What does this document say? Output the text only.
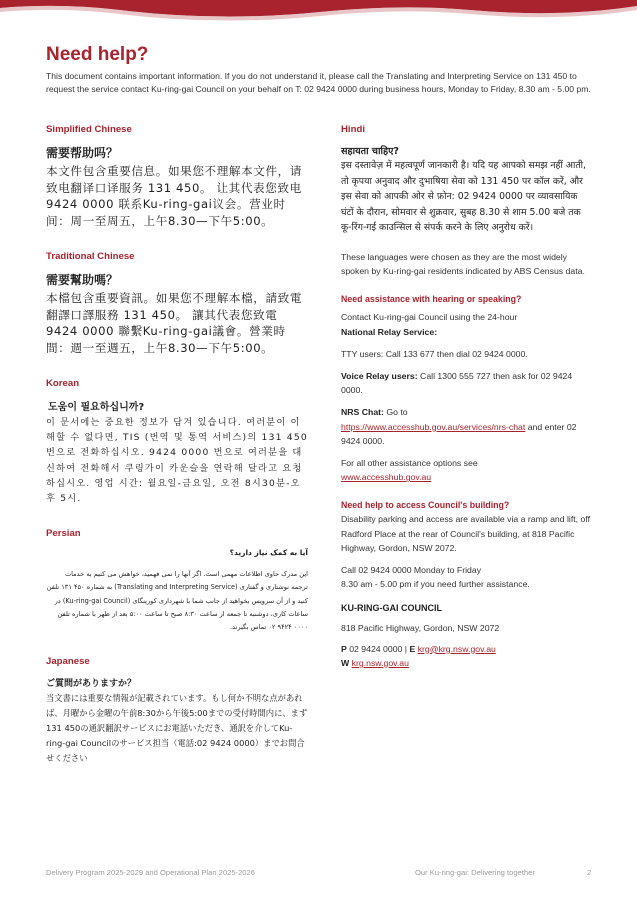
Need help?

This document contains important information. If you do not understand it, please call the Translating and Interpreting Service on 131 450 to request the service contact Ku-ring-gai Council on your behalf on T: 02 9424 0000 during business hours, Monday to Friday, 8.30 am - 5.00 pm.

Simplified Chinese
需要帮助吗？
本文件包含重要信息。如果您不理解本文件，请致电翻译口译服务 131 450。 让其代表您致电 9424 0000 联系Ku-ring-gai议会。营业时间：周一至周五，上午8.30—下午5:00。
Traditional Chinese
需要幫助嗎？
本檔包含重要資訊。如果您不理解本檔，請致電翻譯口譯服務 131 450。 讓其代表您致電 9424 0000 聯繫Ku-ring-gai議會。營業時間：週一至週五，上午8.30—下午5:00。
Korean
도움이 필요하십니까?
이 문서에는 중요한 정보가 담겨 있습니다. 여러분이 이해할 수 없다면, TIS (번역 및 통역 서비스)의 131 450번으로 전화하십시오. 9424 0000 번으로 여러분을 대신하여 전화해서 쿠링가이 카운슬을 연락해 달라고 요청하십시오. 영업 시간: 월요일-금요일, 오전 8시30분-오후 5시.
Persian
آیا به کمک نیاز دارید؟
این مدرک حاوی اطلاعات مهمی است. اگر آنها را نمی فهمید، خواهش می کنیم به خدمات ترجمه نوشتاری و گفتاری (Translating and Interpreting Service) به شماره ۴۵۰ ۱۳۱ تلفن کنید و از آن سرویس بخواهید از جانب شما با شهرداری کورینگای (Ku-ring-gai Council) در ساعات کاری، دوشنبه تا جمعه از ساعت ۸:۳۰ صبح تا ساعت ۵:۰۰ بعد از ظهر با شماره تلفن ۰۰۰۰ ۹۴۲۴ ۰۲ تماس بگیرند.
Japanese
ご質問がありますか？
当文書には重要な情報が記載されています。もし何か不明な点があれば、月曜から金曜の午前8:30から午後5:00までの受付時間内に、まず131 450の通訳翻訳サービスにお電話いただき、通訳を介してKu-ring-gai Councilのサービス担当（電話:02 9424 0000）までお問合せください
Hindi
सहायता चाहिए?
इस दस्तावेज़ में महत्वपूर्ण जानकारी है। यदि यह आपको समझ नहीं आती, तो कृपया अनुवाद और दुभाषिया सेवा को 131 450 पर कॉल करें, और इस सेवा को आपकी ओर से फ़ोन: 02 9424 0000 पर व्यावसायिक घंटों के दौरान, सोमवार से शुक्रवार, सुबह 8.30 से शाम 5.00 बजे तक कू-रिंग-गई काउन्सिल से संपर्क करने के लिए अनुरोध करें।

These languages were chosen as they are the most widely spoken by Ku-ring-gai residents indicated by ABS Census data.

Need assistance with hearing or speaking?

Contact Ku-ring-gai Council using the 24-hour
National Relay Service:

TTY users: Call 133 677 then dial 02 9424 0000.

Voice Relay users: Call 1300 555 727 then ask for 02 9424 0000.

NRS Chat: Go to
https://www.accesshub.gov.au/services/nrs-chat and enter 02 9424 0000.

For all other assistance options see
www.accesshub.gov.au

Need help to access Council's building?

Disability parking and access are available via a ramp and lift, off Radford Place at the rear of Council's building, at 818 Pacific Highway, Gordon, NSW 2072.

Call 02 9424 0000 Monday to Friday
8.30 am - 5.00 pm if you need further assistance.

KU-RING-GAI COUNCIL

818 Pacific Highway, Gordon, NSW 2072

P 02 9424 0000 | E krg@krg.nsw.gov.au

W krg.nsw.gov.au

Delivery Program 2025-2029 and Operational Plan 2025-2026	Our Ku-ring-gai: Delivering together	2
